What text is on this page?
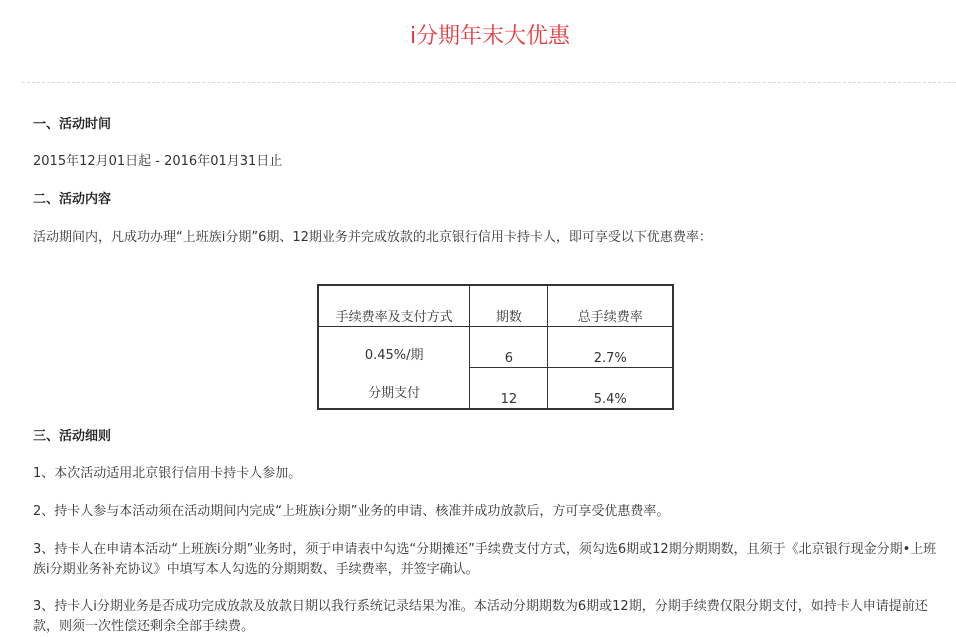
i分期年末大优惠
一、活动时间
2015年12月01日起 - 2016年01月31日止
二、活动内容
活动期间内，凡成功办理“上班族i分期”6期、12期业务并完成放款的北京银行信用卡持卡人，即可享受以下优惠费率：
手续费率及支付方式	期数	总手续费率

0.45%/期
分期支付	6	2.7%
	12	5.4%
三、活动细则
1、本次活动适用北京银行信用卡持卡人参加。
2、持卡人参与本活动须在活动期间内完成“上班族i分期”业务的申请、核准并成功放款后，方可享受优惠费率。
3、持卡人在申请本活动“上班族i分期”业务时，须于申请表中勾选“分期摊还”手续费支付方式，须勾选6期或12期分期期数，且须于《北京银行现金分期•上班族i分期业务补充协议》中填写本人勾选的分期期数、手续费率，并签字确认。
3、持卡人i分期业务是否成功完成放款及放款日期以我行系统记录结果为准。本活动分期期数为6期或12期，分期手续费仅限分期支付，如持卡人申请提前还款，则须一次性偿还剩余全部手续费。
